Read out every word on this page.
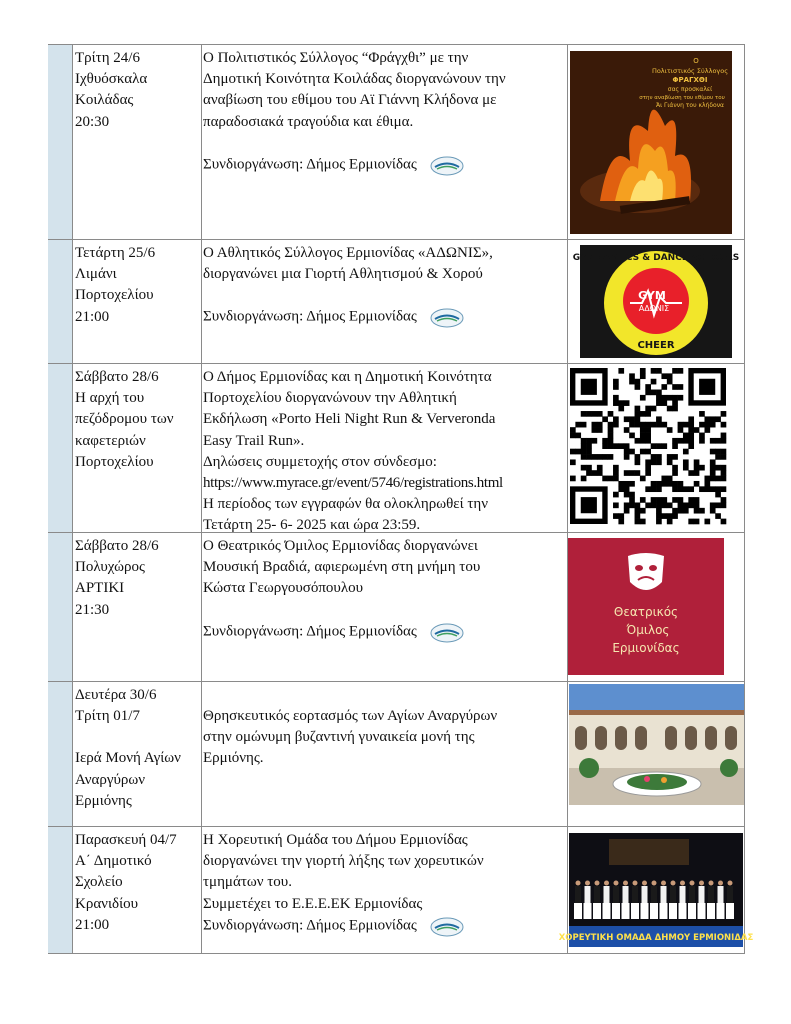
Τρίτη 24/6
Ιχθυόσκαλα
Κοιλάδας
20:30
Ο Πολιτιστικός Σύλλογος “Φράγχθι” με την
Δημοτική Κοινότητα Κοιλάδας διοργανώνουν την
αναβίωση του εθίμου του Αϊ Γιάννη Κλήδονα με
παραδοσιακά τραγούδια και έθιμα.
Συνδιοργάνωση: Δήμος Ερμιονίδας
Ο
Πολιτιστικός Σύλλογος
ΦΡΑΓΧΘΙ
σας προσκαλεί
στην αναβίωση του εθίμου του
Άι Γιάννη του κλήδονα
Τετάρτη 25/6
Λιμάνι
Πορτοχελίου
21:00
Ο Αθλητικός Σύλλογος Ερμιονίδας «ΑΔΩΝΙΣ»,
διοργανώνει μια Γιορτή Αθλητισμού & Χορού
Συνδιοργάνωση: Δήμος Ερμιονίδας
GYMNASTICS & DANCE SCHOOLS
GYM
ΑΔΩΝΙΣ
CHEER
Σάββατο 28/6
Η αρχή του
πεζόδρομου των
καφετεριών
Πορτοχελίου
Ο Δήμος Ερμιονίδας και η Δημοτική Κοινότητα
Πορτοχελίου διοργανώνουν την Αθλητική
Εκδήλωση «Porto Heli Night Run & Ververonda
Easy Trail Run».
Δηλώσεις συμμετοχής στον σύνδεσμο:
https://www.myrace.gr/event/5746/registrations.html
Η περίοδος των εγγραφών θα ολοκληρωθεί την
Τετάρτη 25- 6- 2025 και ώρα 23:59.
Σάββατο 28/6
Πολυχώρος
ΑΡΤΙΚΙ
21:30
Ο Θεατρικός Όμιλος Ερμιονίδας διοργανώνει
Μουσική Βραδιά, αφιερωμένη στη μνήμη του
Κώστα Γεωργουσόπουλου
Συνδιοργάνωση: Δήμος Ερμιονίδας
Θεατρικός
Όμιλος
Ερμιονίδας
Δευτέρα 30/6
Τρίτη 01/7
Ιερά Μονή Αγίων
Αναργύρων
Ερμιόνης
Θρησκευτικός εορτασμός των Αγίων Αναργύρων
στην ομώνυμη βυζαντινή γυναικεία μονή της
Ερμιόνης.
Παρασκευή 04/7
Α΄ Δημοτικό
Σχολείο
Κρανιδίου
21:00
Η Χορευτική Ομάδα του Δήμου Ερμιονίδας
διοργανώνει την γιορτή λήξης των χορευτικών
τμημάτων του.
Συμμετέχει το Ε.Ε.Ε.ΕΚ Ερμιονίδας
Συνδιοργάνωση: Δήμος Ερμιονίδας
ΧΟΡΕΥΤΙΚΗ ΟΜΑΔΑ ΔΗΜΟΥ ΕΡΜΙΟΝΙΔΑΣ
